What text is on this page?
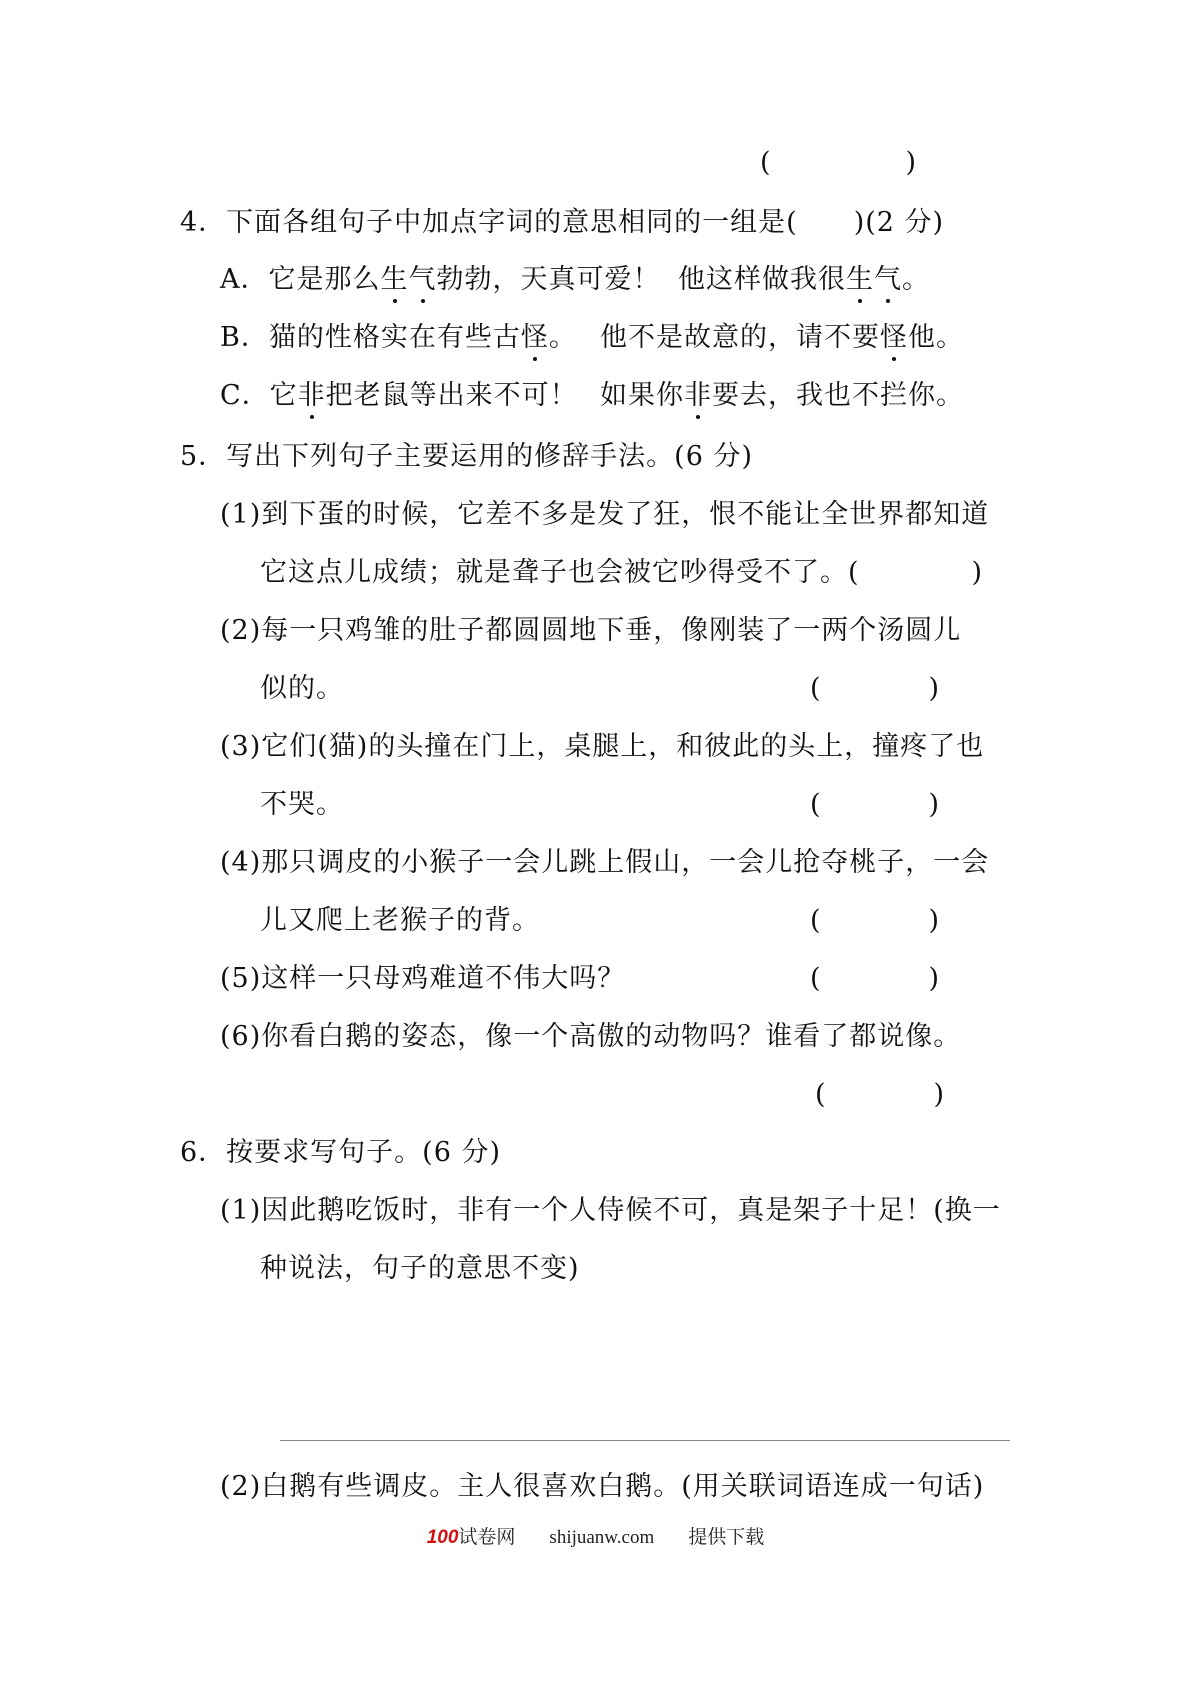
(　　　　　)
4．下面各组句子中加点字词的意思相同的一组是(　　)(2 分)
A．它是那么生气勃勃，天真可爱！ 他这样做我很生气。
B．猫的性格实在有些古怪。 他不是故意的，请不要怪他。
C．它非把老鼠等出来不可！ 如果你非要去，我也不拦你。
5．写出下列句子主要运用的修辞手法。(6 分)
(1)到下蛋的时候，它差不多是发了狂，恨不能让全世界都知道
它这点儿成绩；就是聋子也会被它吵得受不了。(　　　　)
(2)每一只鸡雏的肚子都圆圆地下垂，像刚装了一两个汤圆儿
似的。	(　　　　)
(3)它们(猫)的头撞在门上，桌腿上，和彼此的头上，撞疼了也
不哭。	(　　　　)
(4)那只调皮的小猴子一会儿跳上假山，一会儿抢夺桃子，一会
儿又爬上老猴子的背。	(　　　　)
(5)这样一只母鸡难道不伟大吗？	(　　　　)
(6)你看白鹅的姿态，像一个高傲的动物吗？谁看了都说像。
(　　　　)
6．按要求写句子。(6 分)
(1)因此鹅吃饭时，非有一个人侍候不可，真是架子十足！(换一
种说法，句子的意思不变)
(2)白鹅有些调皮。主人很喜欢白鹅。(用关联词语连成一句话)
100试卷网 shijuanw.com 提供下载
